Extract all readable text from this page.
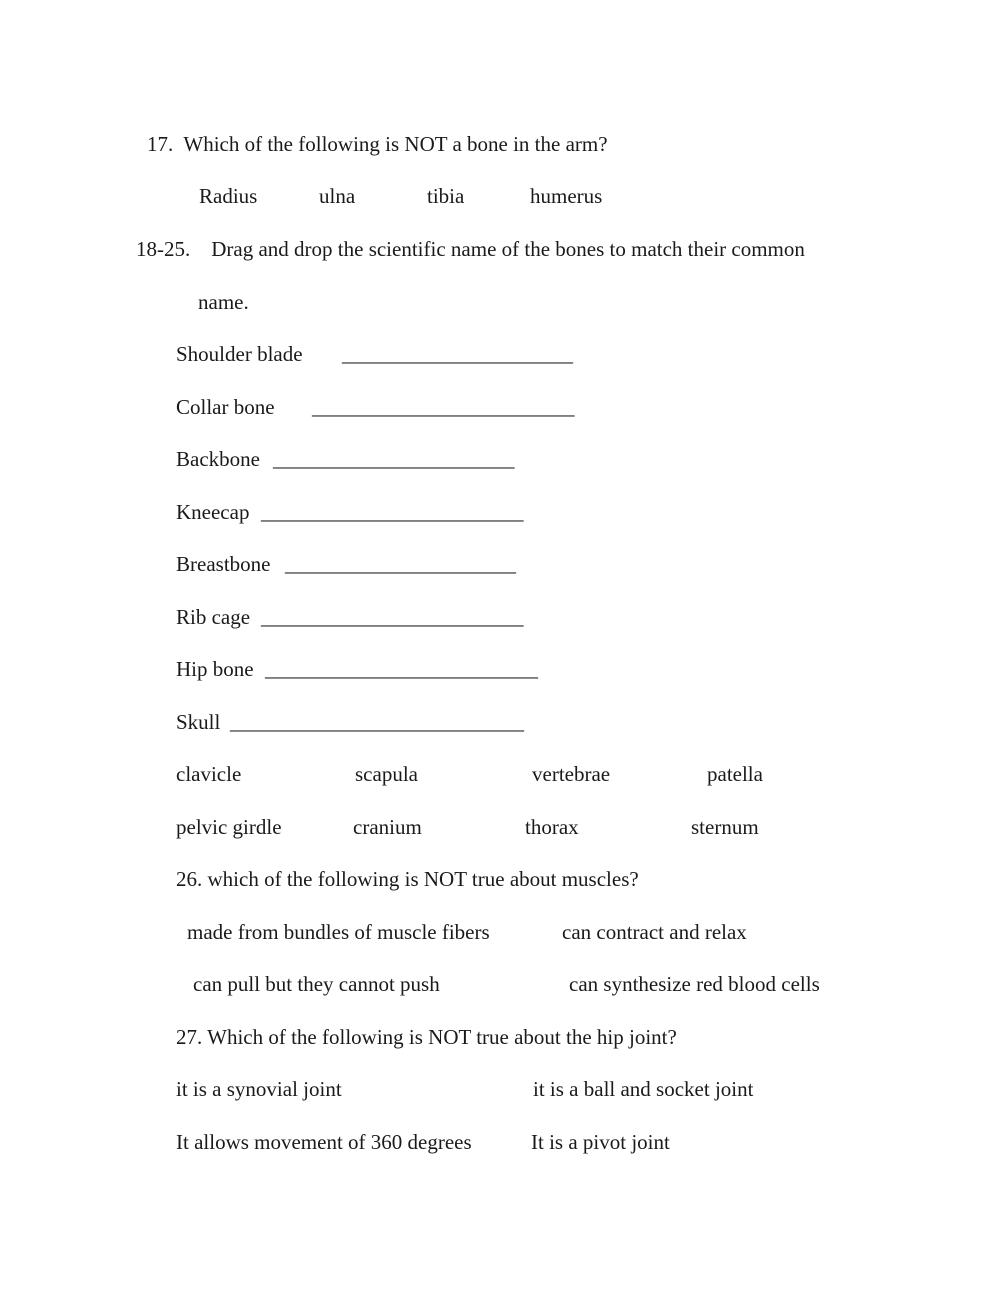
17.  Which of the following is NOT a bone in the arm?
Radius	ulna	tibia	humerus
18-25.    Drag and drop the scientific name of the bones to match their common
name.
Shoulder blade ______________________
Collar bone _________________________
Backbone _______________________
Kneecap _________________________
Breastbone ______________________
Rib cage _________________________
Hip bone __________________________
Skull ____________________________
clavicle	scapula	vertebrae	patella
pelvic girdle	cranium	thorax	sternum
26. which of the following is NOT true about muscles?
made from bundles of muscle fibers	can contract and relax
can pull but they cannot push	can synthesize red blood cells
27. Which of the following is NOT true about the hip joint?
it is a synovial joint	it is a ball and socket joint
It allows movement of 360 degrees	It is a pivot joint
